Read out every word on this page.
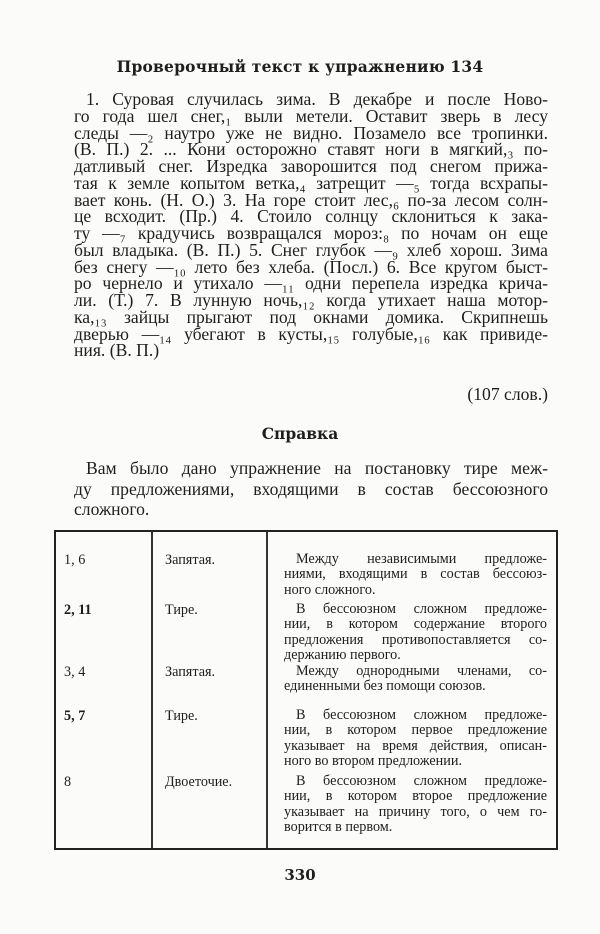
Проверочный текст к упражнению 134
1. Суровая случилась зима. В декабре и после Ново-
го года шел снег,₁ выли метели. Оставит зверь в лесу
следы —₂ наутро уже не видно. Позамело все тропинки.
(В. П.) 2. ... Кони осторожно ставят ноги в мягкий,₃ по-
датливый снег. Изредка заворошится под снегом прижа-
тая к земле копытом ветка,₄ затрещит —₅ тогда всхрапы-
вает конь. (Н. О.) 3. На горе стоит лес,₆ по-за лесом солн-
це всходит. (Пр.) 4. Стоило солнцу склониться к зака-
ту —₇ крадучись возвращался мороз:₈ по ночам он еще
был владыка. (В. П.) 5. Снег глубок —₉ хлеб хорош. Зима
без снегу —₁₀ лето без хлеба. (Посл.) 6. Все кругом быст-
ро чернело и утихало —₁₁ одни перепела изредка крича-
ли. (Т.) 7. В лунную ночь,₁₂ когда утихает наша мотор-
ка,₁₃ зайцы прыгают под окнами домика. Скрипнешь
дверью —₁₄ убегают в кусты,₁₅ голубые,₁₆ как привиде-
ния. (В. П.)
(107 слов.)
Справка
Вам было дано упражнение на постановку тире меж-
ду предложениями, входящими в состав бессоюзного
сложного.
1, 6	Запятая.	Между независимыми предложе-
ниями, входящими в состав бессоюз-
ного сложного.
2, 11	Тире.	В бессоюзном сложном предложе-
нии, в котором содержание второго
предложения противопоставляется со-
держанию первого.
3, 4	Запятая.	Между однородными членами, со-
единенными без помощи союзов.
5, 7	Тире.	В бессоюзном сложном предложе-
нии, в котором первое предложение
указывает на время действия, описан-
ного во втором предложении.
8	Двоеточие.	В бессоюзном сложном предложе-
нии, в котором второе предложение
указывает на причину того, о чем го-
ворится в первом.
330
